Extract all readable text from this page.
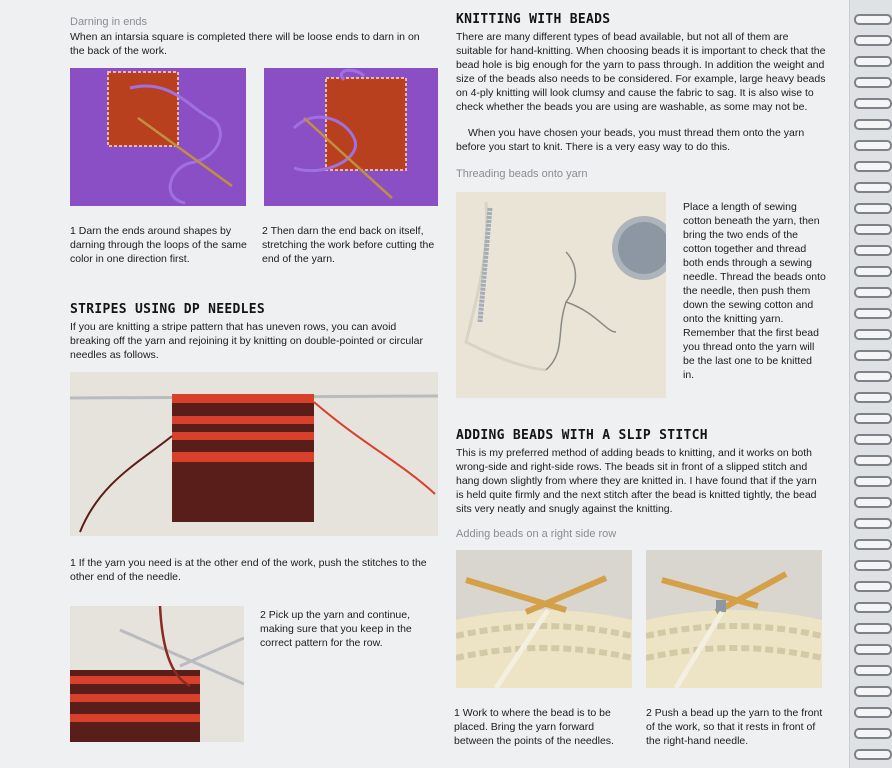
Darning in ends

When an intarsia square is completed there will be loose ends to darn in on the back of the work.

1 Darn the ends around shapes by darning through the loops of the same color in one direction first.

2 Then darn the end back on itself, stretching the work before cutting the end of the yarn.

STRIPES USING DP NEEDLES

If you are knitting a stripe pattern that has uneven rows, you can avoid breaking off the yarn and rejoining it by knitting on double-pointed or circular needles as follows.

1 If the yarn you need is at the other end of the work, push the stitches to the other end of the needle.

2 Pick up the yarn and continue, making sure that you keep in the correct pattern for the row.

KNITTING WITH BEADS

There are many different types of bead available, but not all of them are suitable for hand-knitting. When choosing beads it is important to check that the bead hole is big enough for the yarn to pass through. In addition the weight and size of the beads also needs to be considered. For example, large heavy beads on 4-ply knitting will look clumsy and cause the fabric to sag. It is also wise to check whether the beads you are using are washable, as some may not be.

When you have chosen your beads, you must thread them onto the yarn before you start to knit. There is a very easy way to do this.

Threading beads onto yarn

Place a length of sewing cotton beneath the yarn, then bring the two ends of the cotton together and thread both ends through a sewing needle. Thread the beads onto the needle, then push them down the sewing cotton and onto the knitting yarn. Remember that the first bead you thread onto the yarn will be the last one to be knitted in.

ADDING BEADS WITH A SLIP STITCH

This is my preferred method of adding beads to knitting, and it works on both wrong-side and right-side rows. The beads sit in front of a slipped stitch and hang down slightly from where they are knitted in. I have found that if the yarn is held quite firmly and the next stitch after the bead is knitted tightly, the bead sits very neatly and snugly against the knitting.

Adding beads on a right side row

1 Work to where the bead is to be placed. Bring the yarn forward between the points of the needles.

2 Push a bead up the yarn to the front of the work, so that it rests in front of the right-hand needle.
